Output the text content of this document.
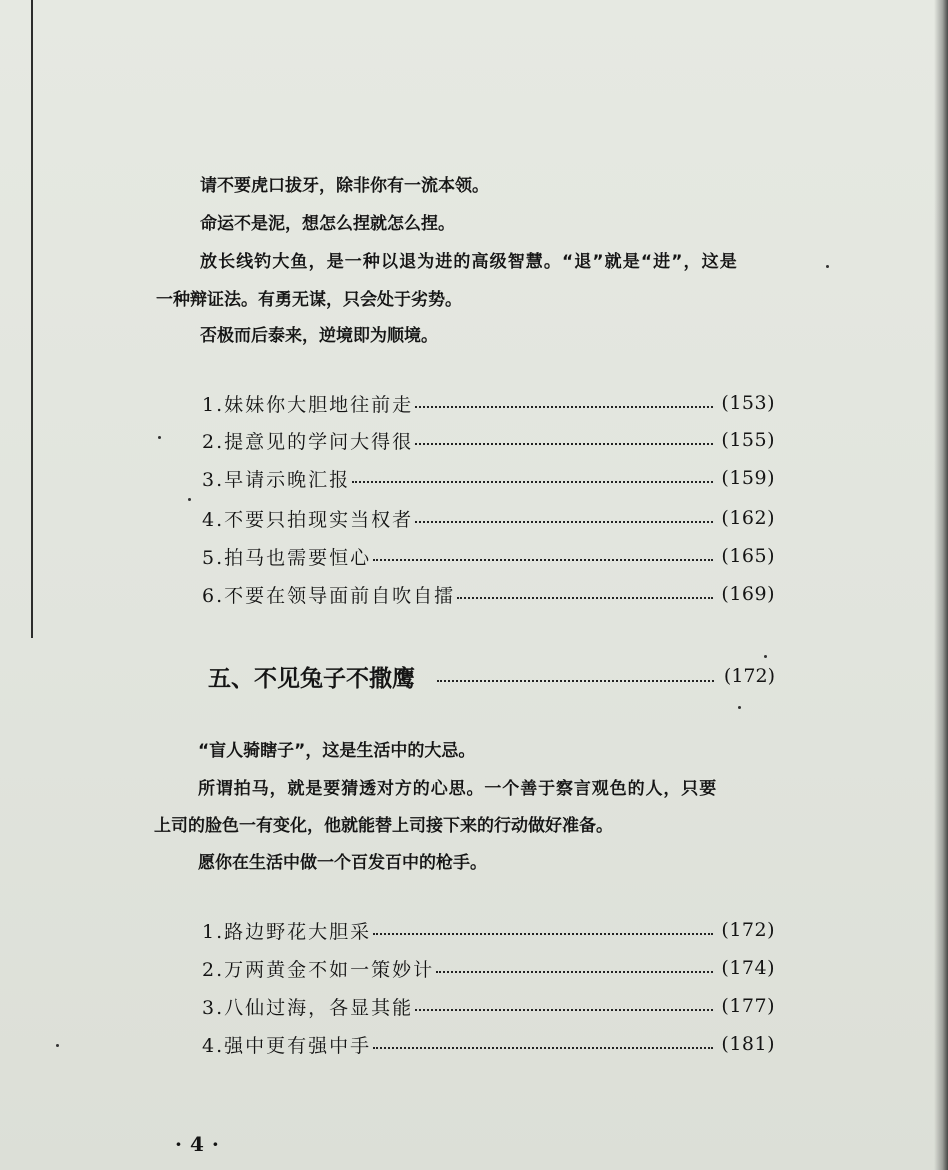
请不要虎口拔牙，除非你有一流本领。

命运不是泥，想怎么捏就怎么捏。

放长线钓大鱼，是一种以退为进的高级智慧。“退”就是“进”，这是

一种辩证法。有勇无谋，只会处于劣势。

否极而后泰来，逆境即为顺境。

1.妹妹你大胆地往前走	(153)
2.提意见的学问大得很	(155)
3.早请示晚汇报	(159)
4.不要只拍现实当权者	(162)
5.拍马也需要恒心	(165)
6.不要在领导面前自吹自擂	(169)
五、不见兔子不撒鹰	(172)

“盲人骑瞎子”，这是生活中的大忌。

所谓拍马，就是要猜透对方的心思。一个善于察言观色的人，只要

上司的脸色一有变化，他就能替上司接下来的行动做好准备。

愿你在生活中做一个百发百中的枪手。

1.路边野花大胆采	(172)
2.万两黄金不如一策妙计	(174)
3.八仙过海，各显其能	(177)
4.强中更有强中手	(181)
·4·
